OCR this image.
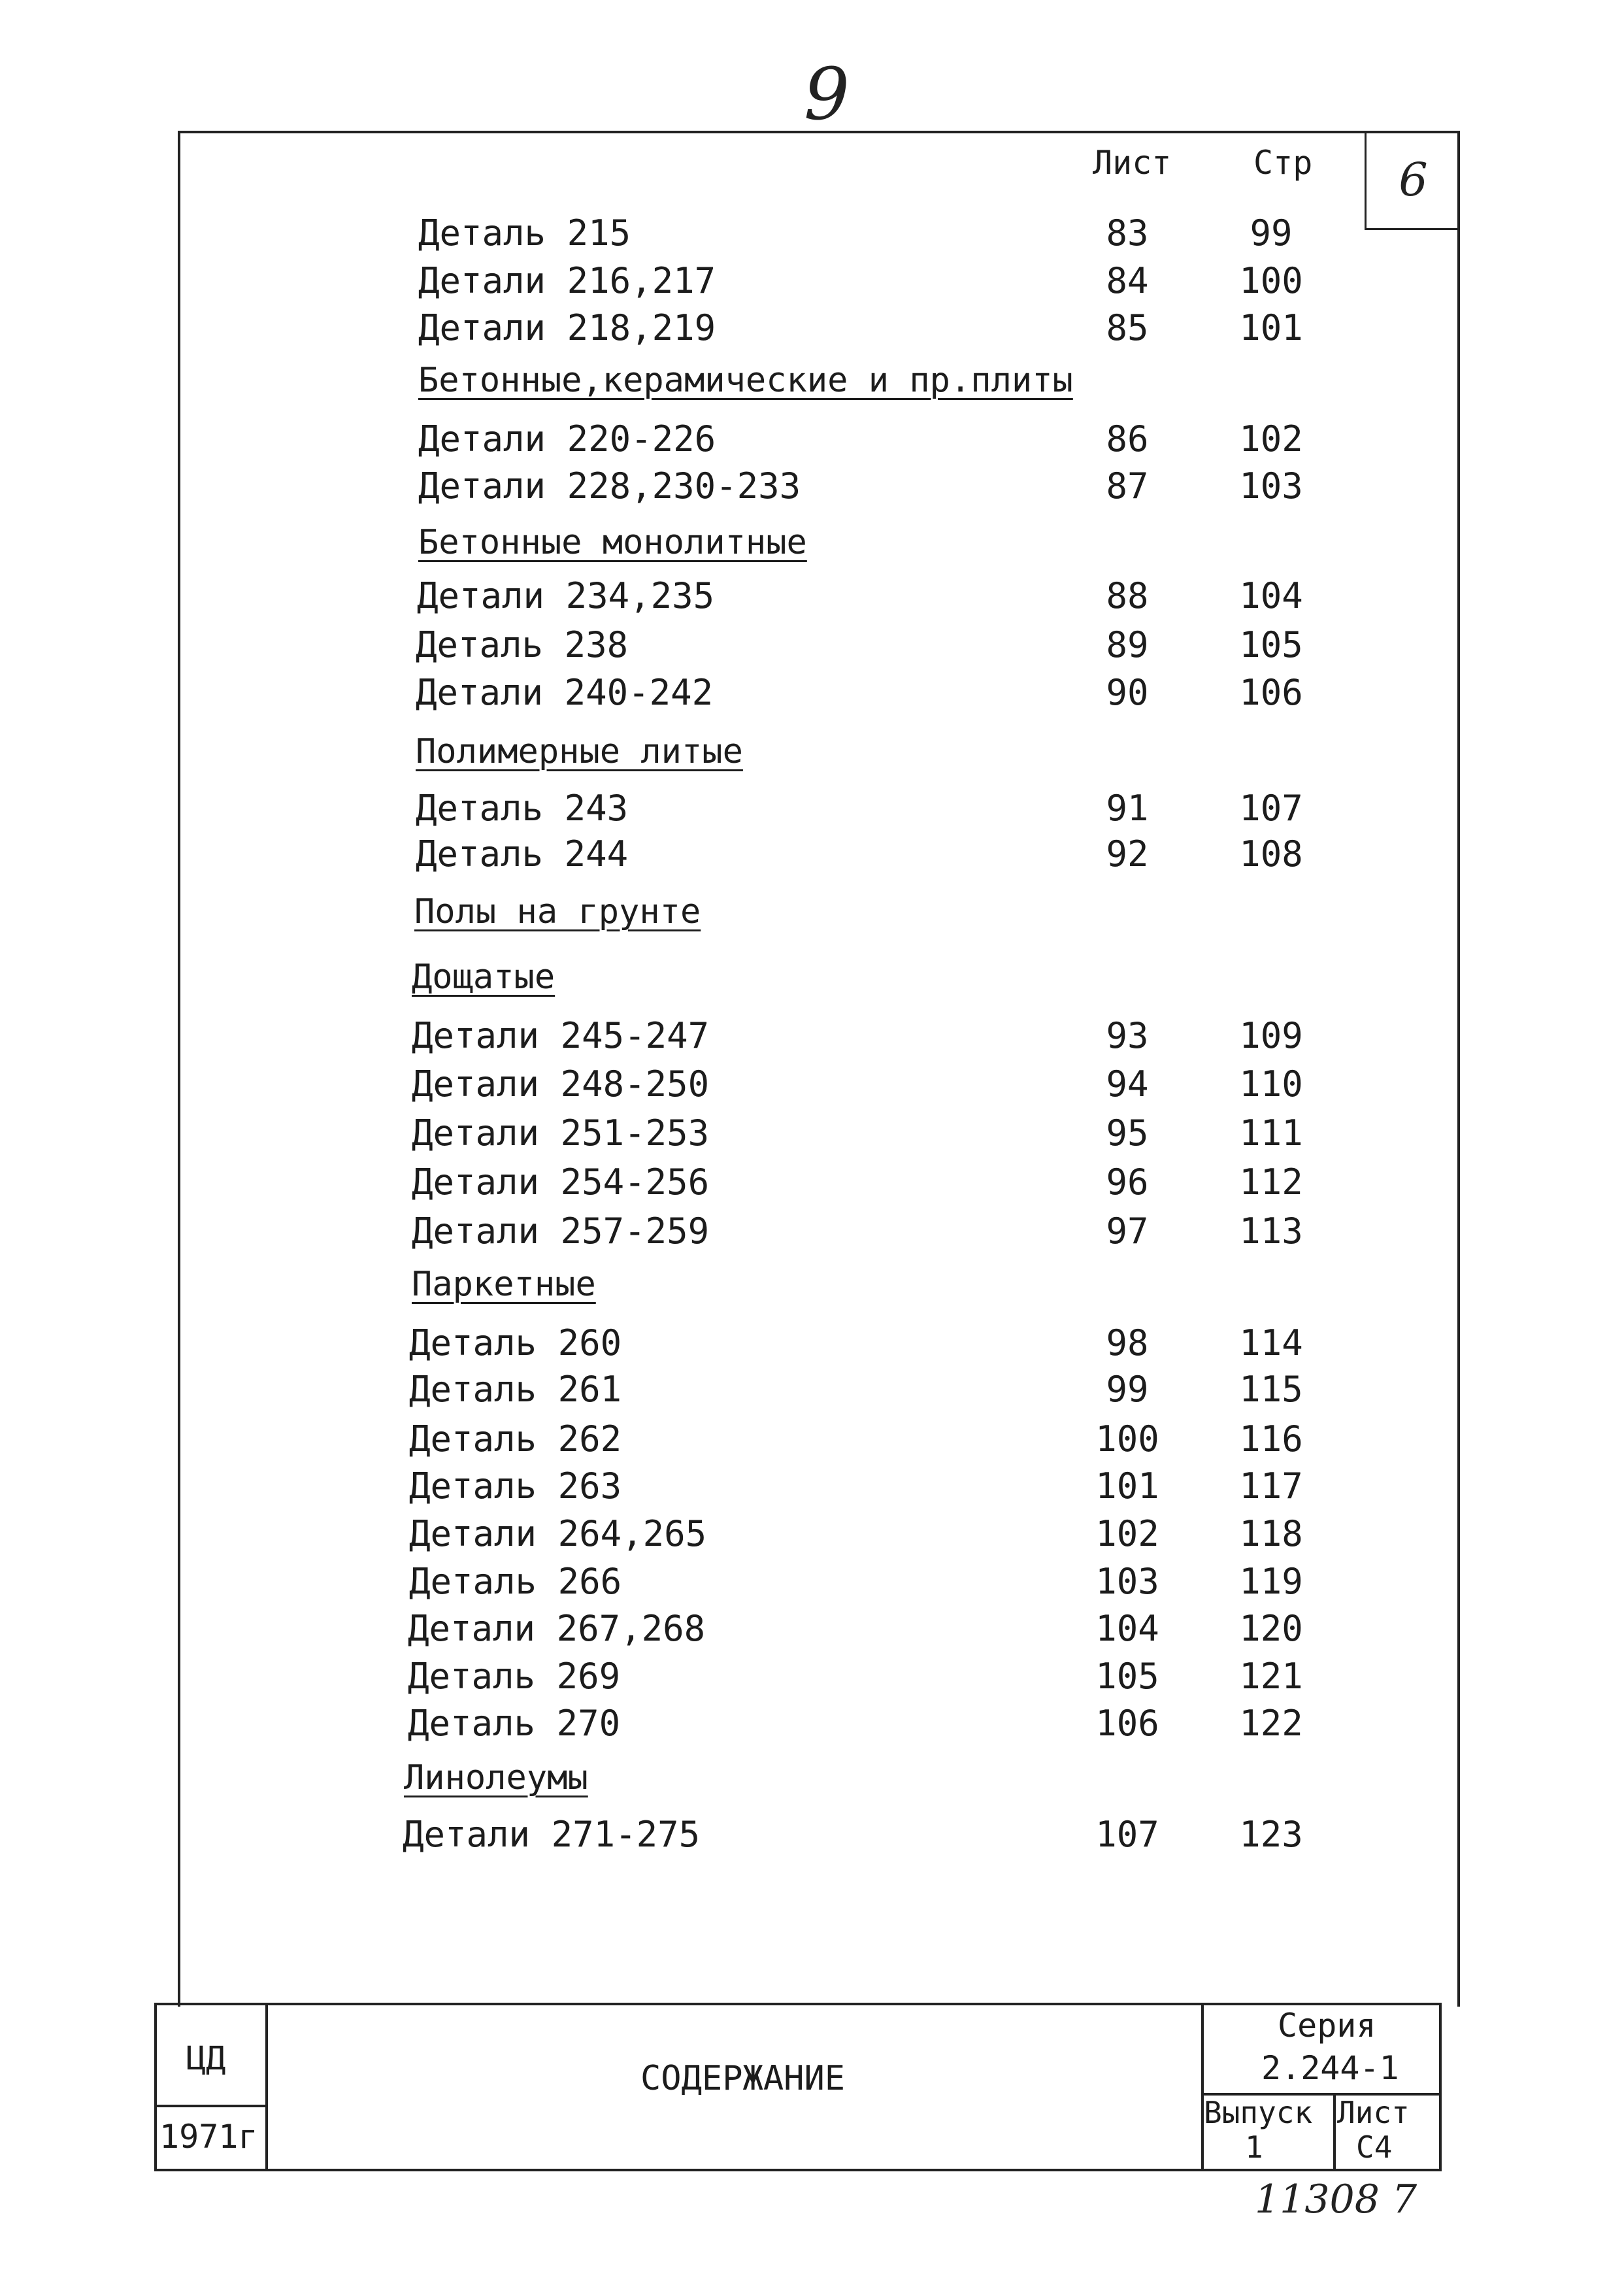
9
6
Лист	Стр
Деталь 215	83	99
Детали 216,217	84	100
Детали 218,219	85	101
Бетонные,керамические и пр.плиты
Детали 220-226	86	102
Детали 228,230-233	87	103
Бетонные монолитные
Детали 234,235	88	104
Деталь 238	89	105
Детали 240-242	90	106
Полимерные литые
Деталь 243	91	107
Деталь 244	92	108
Полы на грунте
Дощатые
Детали 245-247	93	109
Детали 248-250	94	110
Детали 251-253	95	111
Детали 254-256	96	112
Детали 257-259	97	113
Паркетные
Деталь 260	98	114
Деталь 261	99	115
Деталь 262	100	116
Деталь 263	101	117
Детали 264,265	102	118
Деталь 266	103	119
Детали 267,268	104	120
Деталь 269	105	121
Деталь 270	106	122
Линолеумы
Детали 271-275	107	123
ЦД
1971г
СОДЕРЖАНИЕ
Серия
2.244-1
Выпуск
1
Лист
С4
11308 7
